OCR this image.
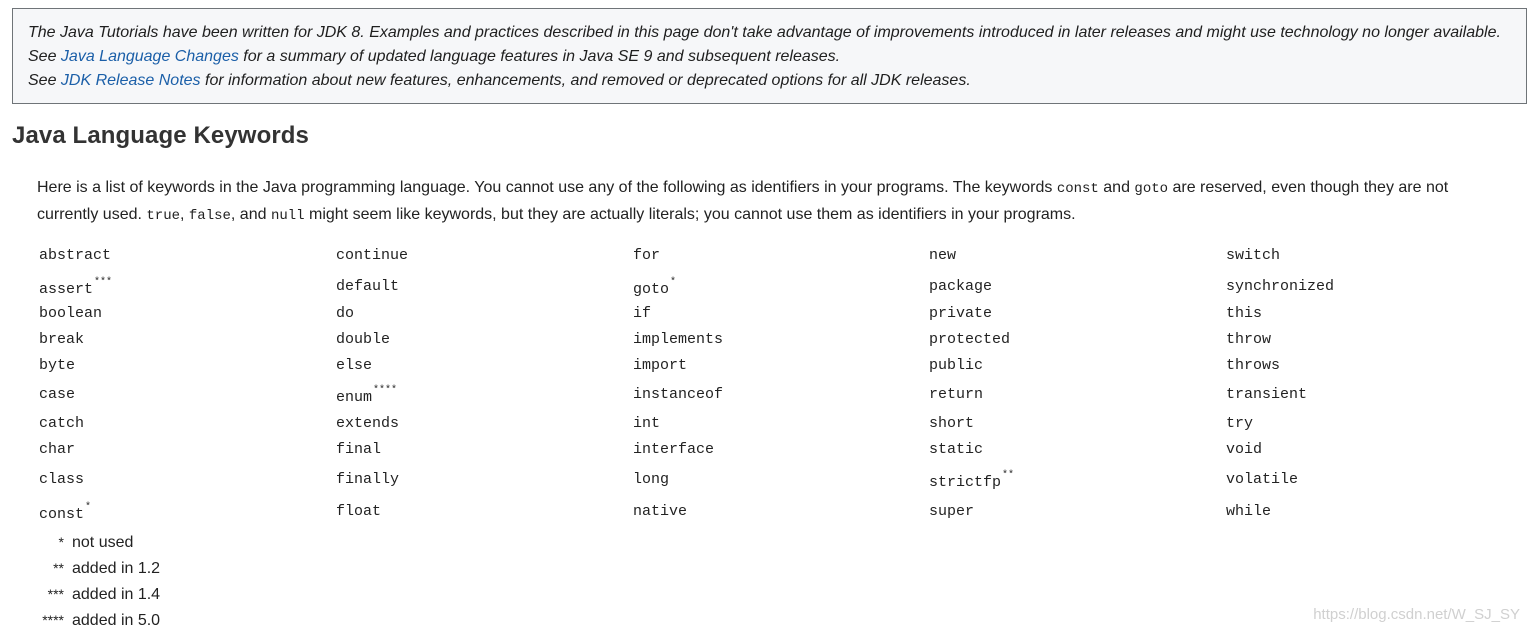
The Java Tutorials have been written for JDK 8. Examples and practices described in this page don't take advantage of improvements introduced in later releases and might use technology no longer available.

See Java Language Changes for a summary of updated language features in Java SE 9 and subsequent releases.

See JDK Release Notes for information about new features, enhancements, and removed or deprecated options for all JDK releases.

Java Language Keywords

Here is a list of keywords in the Java programming language. You cannot use any of the following as identifiers in your programs. The keywords const and goto are reserved, even though they are not currently used. true, false, and null might seem like keywords, but they are actually literals; you cannot use them as identifiers in your programs.

abstract
assert***
boolean
break
byte
case
catch
char
class
const*
continue
default
do
double
else
enum****
extends
final
finally
float
for
goto*
if
implements
import
instanceof
int
interface
long
native
new
package
private
protected
public
return
short
static
strictfp**
super
switch
synchronized
this
throw
throws
transient
try
void
volatile
while
* not used
** added in 1.2
*** added in 1.4
**** added in 5.0	https://blog.csdn.net/W_SJ_SY
